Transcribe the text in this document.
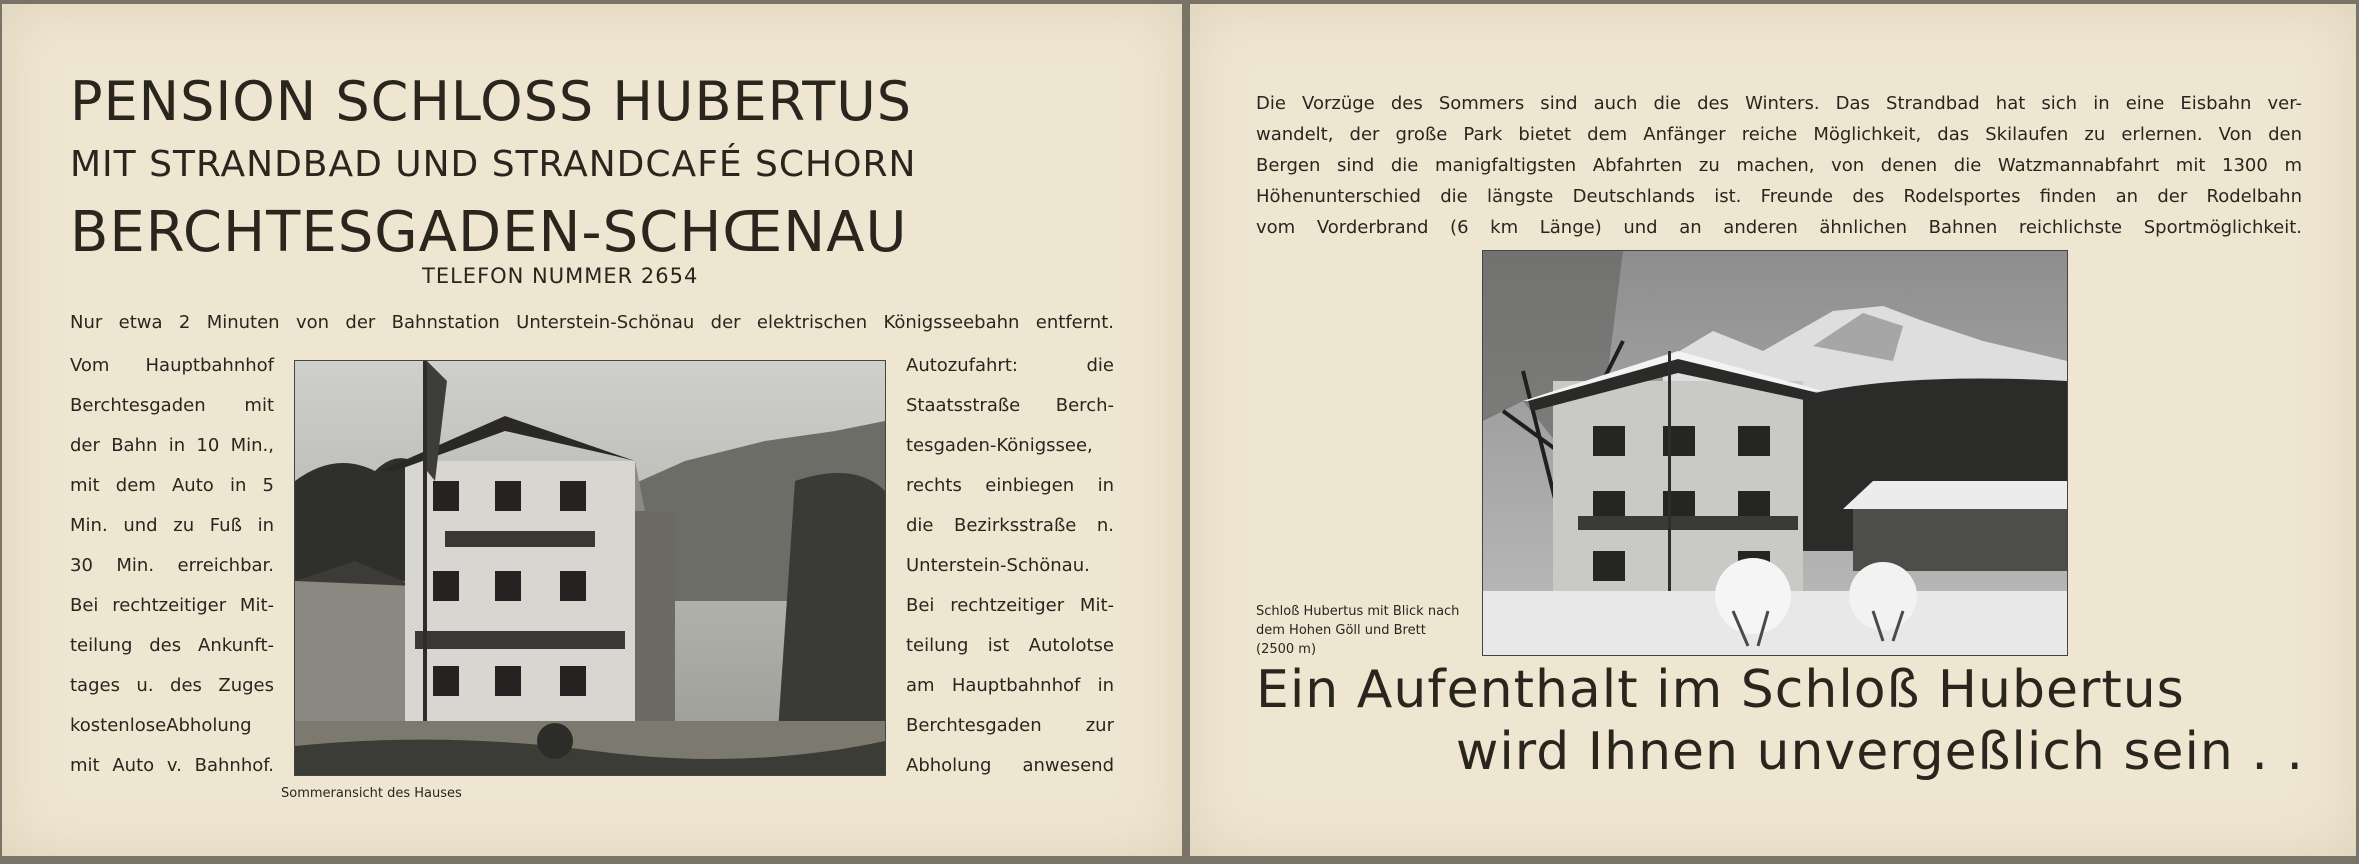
PENSION SCHLOSS HUBERTUS
MIT STRANDBAD UND STRANDCAFÉ SCHORN
BERCHTESGADEN-SCHŒNAU
TELEFON NUMMER 2654
Nur etwa 2 Minuten von der Bahnstation Unterstein-Schönau der elektrischen Königsseebahn entfernt.

Vom Hauptbahnhof

Berchtesgaden mit

der Bahn in 10 Min.,

mit dem Auto in 5

Min. und zu Fuß in

30 Min. erreichbar.

Bei rechtzeitiger Mit-

teilung des Ankunft-

tages u. des Zuges

kostenloseAbholung

mit Auto v. Bahnhof.

Sommeransicht des Hauses

Autozufahrt: die

Staatsstraße Berch-

tesgaden-Königssee,

rechts einbiegen in

die Bezirksstraße n.

Unterstein-Schönau.

Bei rechtzeitiger Mit-

teilung ist Autolotse

am Hauptbahnhof in

Berchtesgaden zur

Abholung anwesend

Die Vorzüge des Sommers sind auch die des Winters. Das Strandbad hat sich in eine Eisbahn ver-

wandelt, der große Park bietet dem Anfänger reiche Möglichkeit, das Skilaufen zu erlernen. Von den

Bergen sind die manigfaltigsten Abfahrten zu machen, von denen die Watzmannabfahrt mit 1300 m

Höhenunterschied die längste Deutschlands ist. Freunde des Rodelsportes finden an der Rodelbahn

vom Vorderbrand (6 km Länge) und an anderen ähnlichen Bahnen reichlichste Sportmöglichkeit.

Schloß Hubertus mit Blick nach dem Hohen Göll und Brett (2500 m)
Ein Aufenthalt im Schloß Hubertus
wird Ihnen unvergeßlich sein . .
